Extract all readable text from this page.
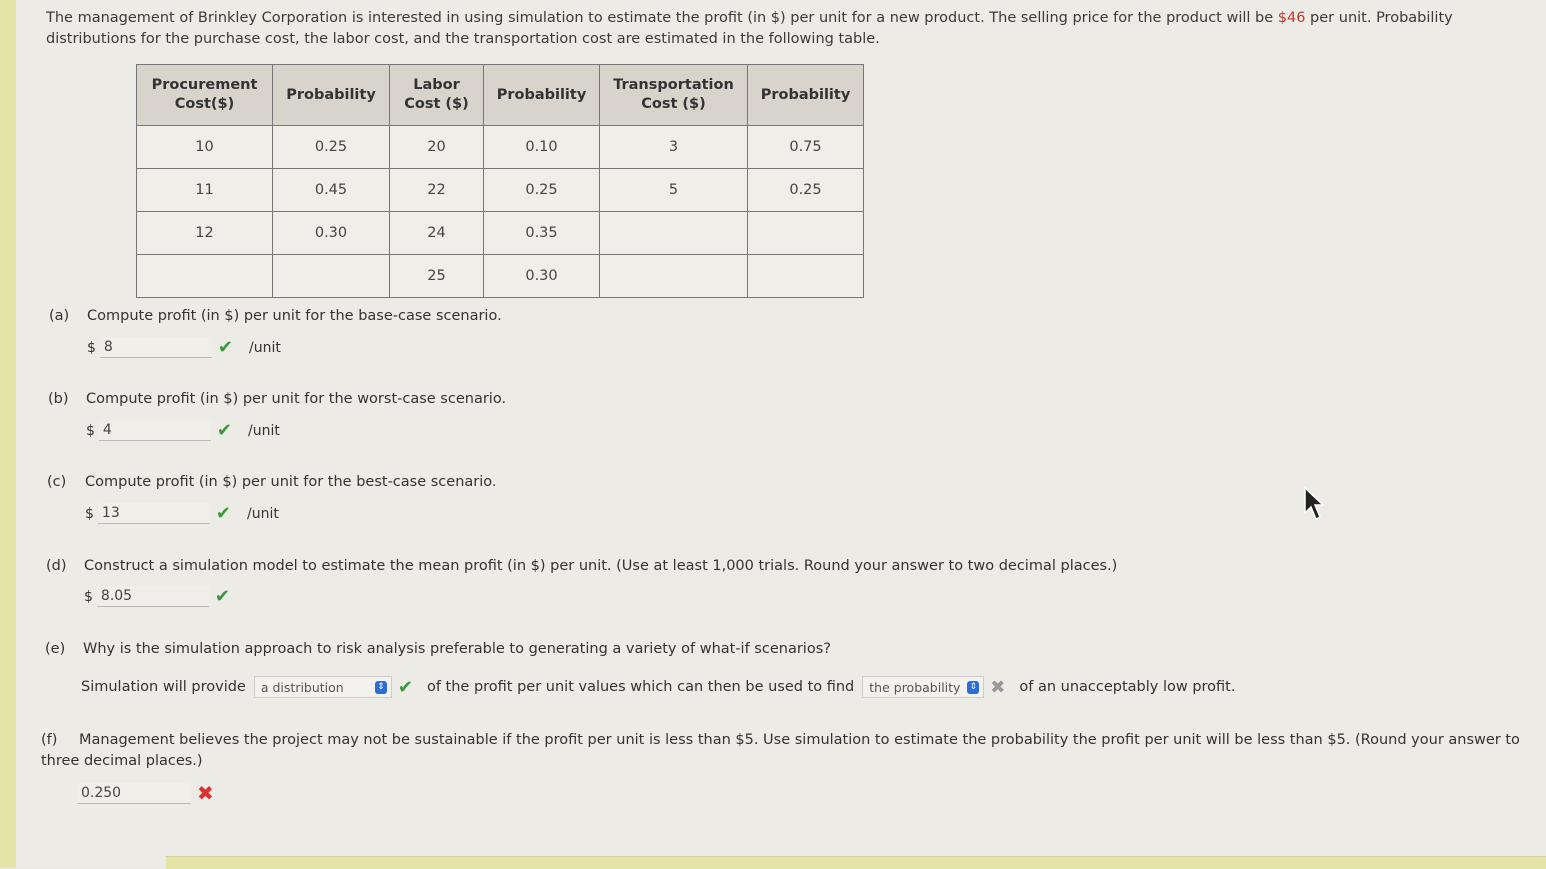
The management of Brinkley Corporation is interested in using simulation to estimate the profit (in $) per unit for a new product. The selling price for the product will be $46 per unit. Probability distributions for the purchase cost, the labor cost, and the transportation cost are estimated in the following table.
Procurement Cost($)	Probability	Labor Cost ($)	Probability	Transportation Cost ($)	Probability
10	0.25	20	0.10	3	0.75
11	0.45	22	0.25	5	0.25
12	0.30	24	0.35		
		25	0.30		
(a) Compute profit (in $) per unit for the base-case scenario.
$ 8	✔ /unit
(b) Compute profit (in $) per unit for the worst-case scenario.
$ 4	✔ /unit
(c) Compute profit (in $) per unit for the best-case scenario.
$ 13	✔ /unit
(d) Construct a simulation model to estimate the mean profit (in $) per unit. (Use at least 1,000 trials. Round your answer to two decimal places.)
$ 8.05	✔
(e) Why is the simulation approach to risk analysis preferable to generating a variety of what-if scenarios?
Simulation will provide a distribution	⇕ ✔ of the profit per unit values which can then be used to find the probability ⇕ ✖ of an unacceptably low profit.
(f) Management believes the project may not be sustainable if the profit per unit is less than $5. Use simulation to estimate the probability the profit per unit will be less than $5. (Round your answer to three decimal places.)
0.250	✖
